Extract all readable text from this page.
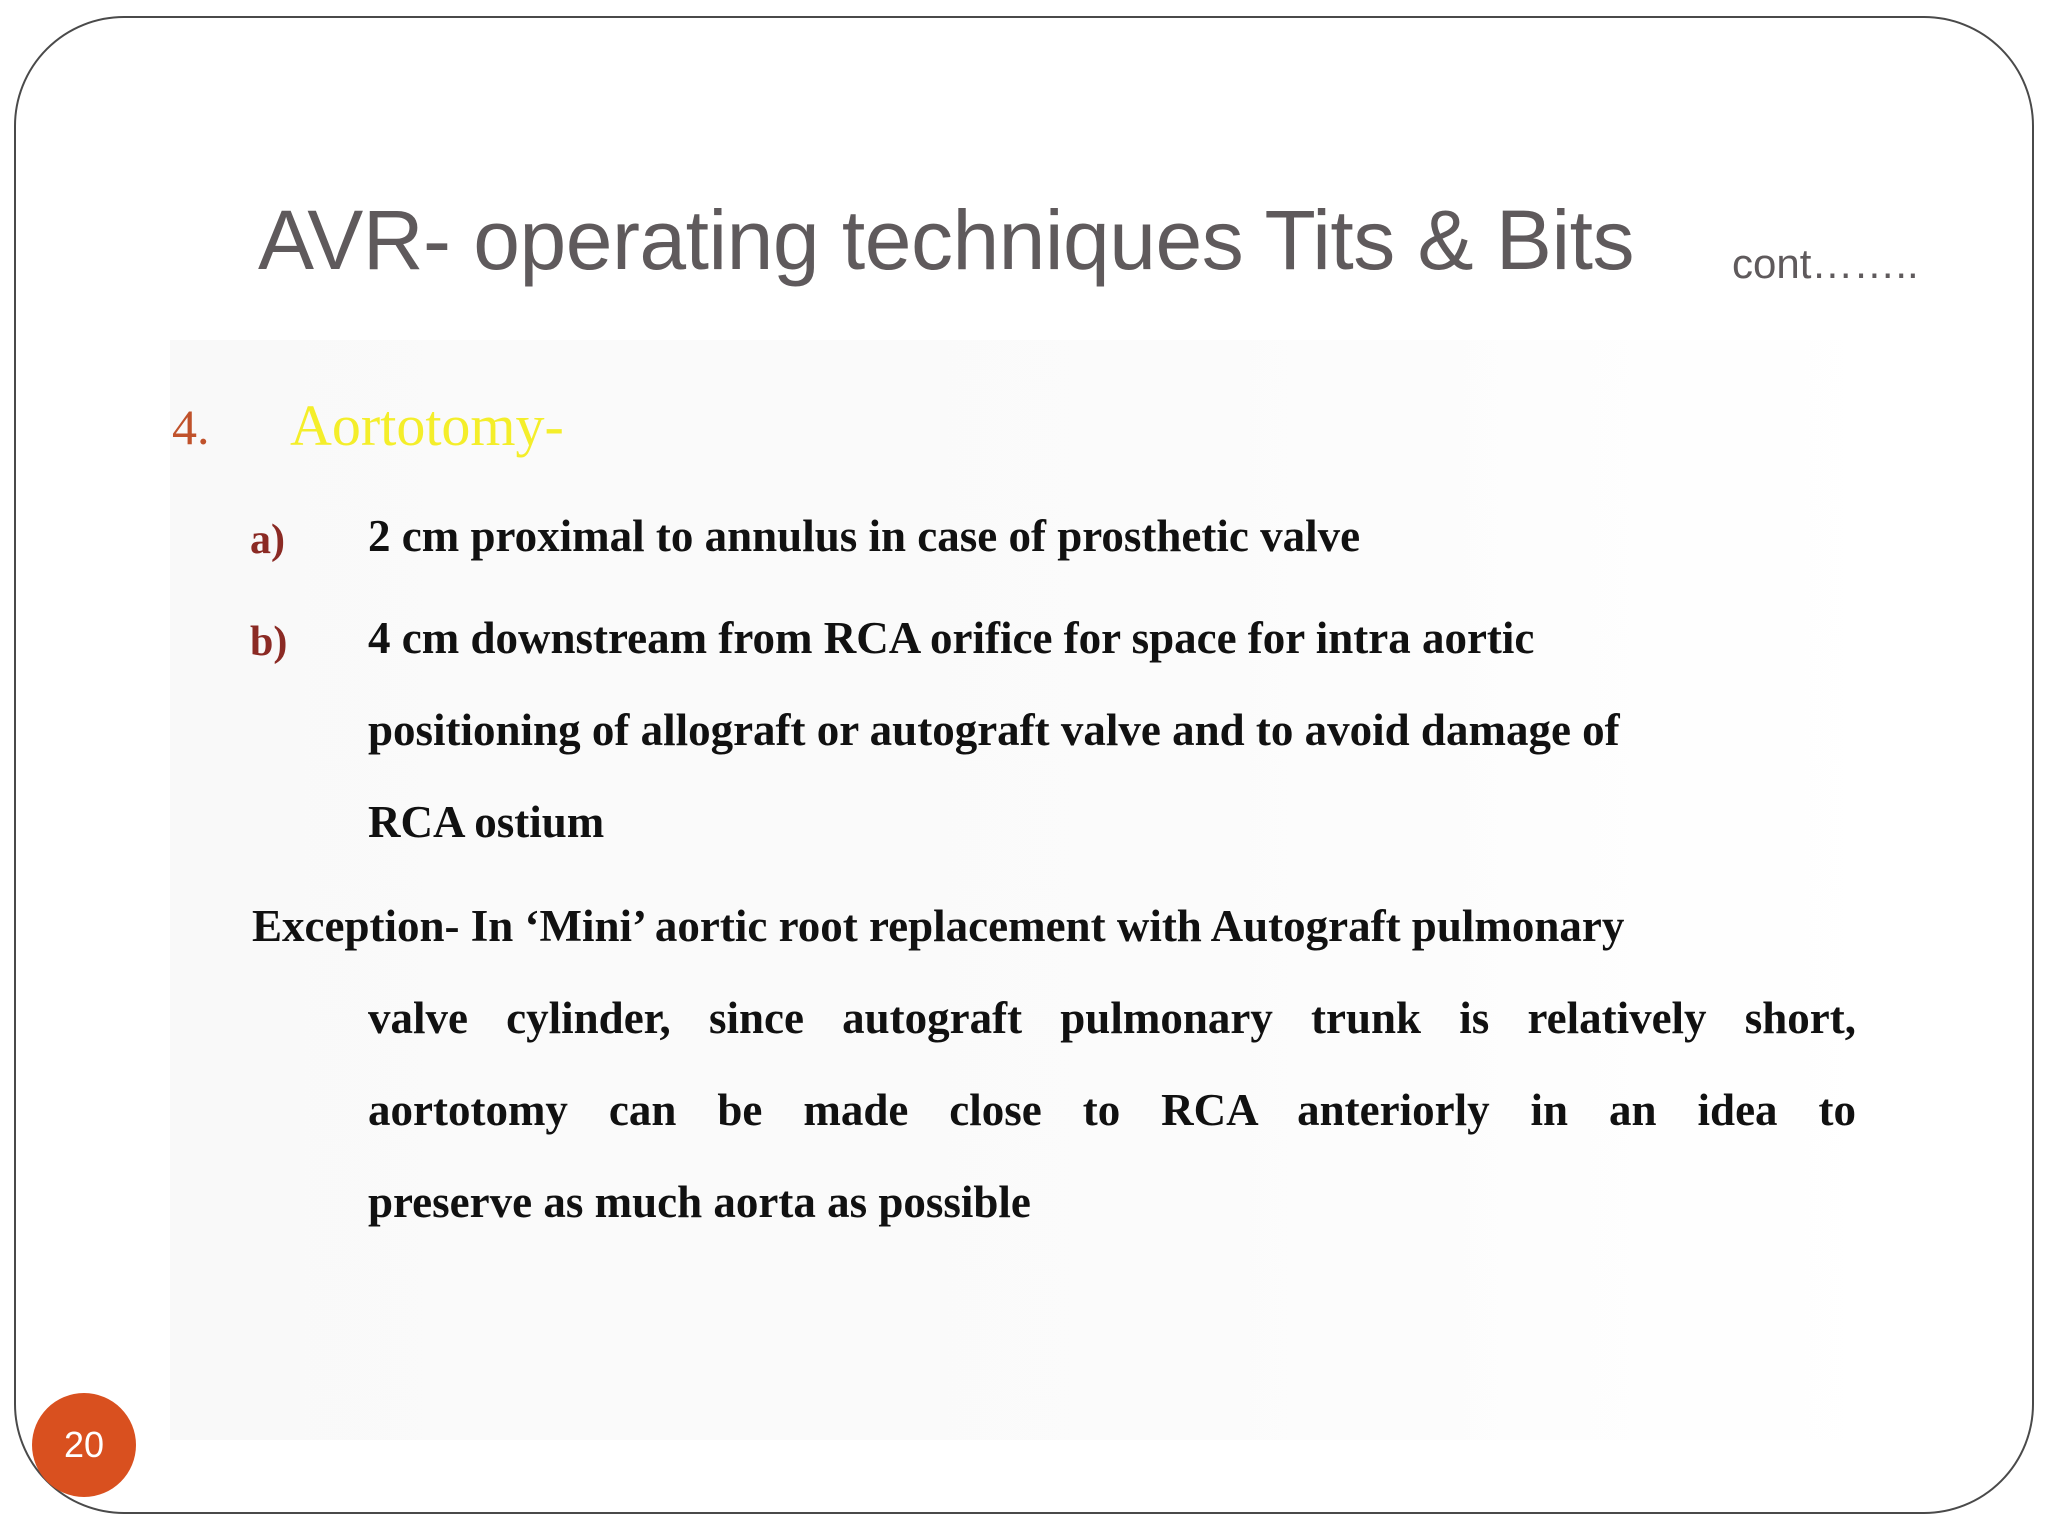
AVR- operating techniques Tits & Bits cont……..
4. Aortotomy-
a) 2 cm proximal to annulus in case of prosthetic valve
b) 4 cm downstream from RCA orifice for space for intra aortic
positioning of allograft or autograft valve and to avoid damage of
RCA ostium
Exception- In ‘Mini’ aortic root replacement with Autograft pulmonary
valve cylinder, since autograft pulmonary trunk is relatively short,
aortotomy can be made close to RCA anteriorly in an idea to
preserve as much aorta as possible
20
